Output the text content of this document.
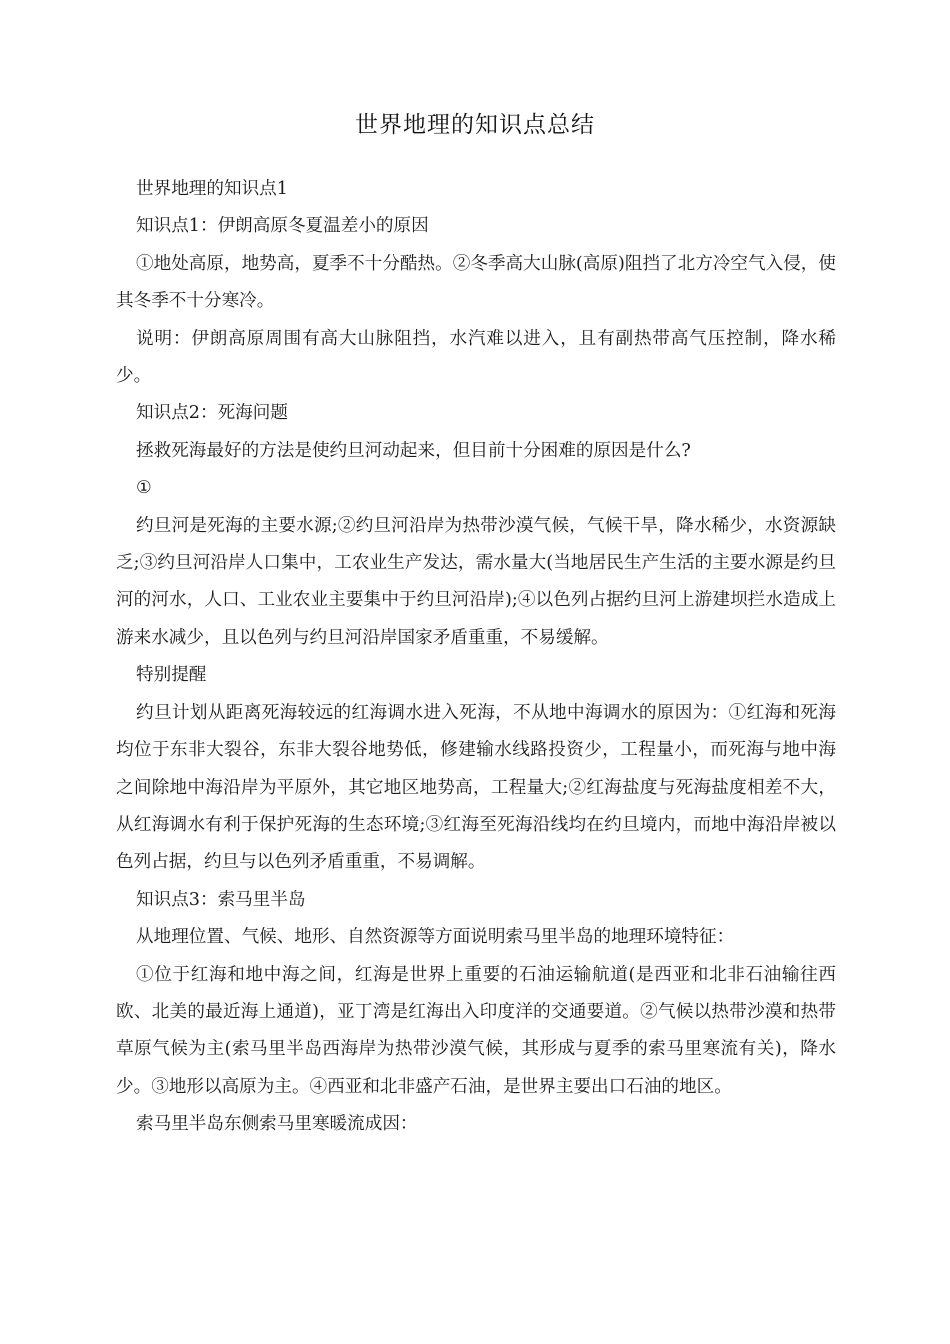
世界地理的知识点总结

世界地理的知识点1

知识点1：伊朗高原冬夏温差小的原因

①地处高原，地势高，夏季不十分酷热。②冬季高大山脉(高原)阻挡了北方冷空气入侵，使其冬季不十分寒冷。

说明：伊朗高原周围有高大山脉阻挡，水汽难以进入，且有副热带高气压控制，降水稀少。

知识点2：死海问题

拯救死海最好的方法是使约旦河动起来，但目前十分困难的原因是什么?

①

约旦河是死海的主要水源;②约旦河沿岸为热带沙漠气候，气候干旱，降水稀少，水资源缺乏;③约旦河沿岸人口集中，工农业生产发达，需水量大(当地居民生产生活的主要水源是约旦河的河水，人口、工业农业主要集中于约旦河沿岸);④以色列占据约旦河上游建坝拦水造成上游来水减少，且以色列与约旦河沿岸国家矛盾重重，不易缓解。

特别提醒

约旦计划从距离死海较远的红海调水进入死海，不从地中海调水的原因为：①红海和死海均位于东非大裂谷，东非大裂谷地势低，修建输水线路投资少，工程量小，而死海与地中海之间除地中海沿岸为平原外，其它地区地势高，工程量大;②红海盐度与死海盐度相差不大，从红海调水有利于保护死海的生态环境;③红海至死海沿线均在约旦境内，而地中海沿岸被以色列占据，约旦与以色列矛盾重重，不易调解。

知识点3：索马里半岛

从地理位置、气候、地形、自然资源等方面说明索马里半岛的地理环境特征：

①位于红海和地中海之间，红海是世界上重要的石油运输航道(是西亚和北非石油输往西欧、北美的最近海上通道)，亚丁湾是红海出入印度洋的交通要道。②气候以热带沙漠和热带草原气候为主(索马里半岛西海岸为热带沙漠气候，其形成与夏季的索马里寒流有关)，降水少。③地形以高原为主。④西亚和北非盛产石油，是世界主要出口石油的地区。

索马里半岛东侧索马里寒暖流成因：
